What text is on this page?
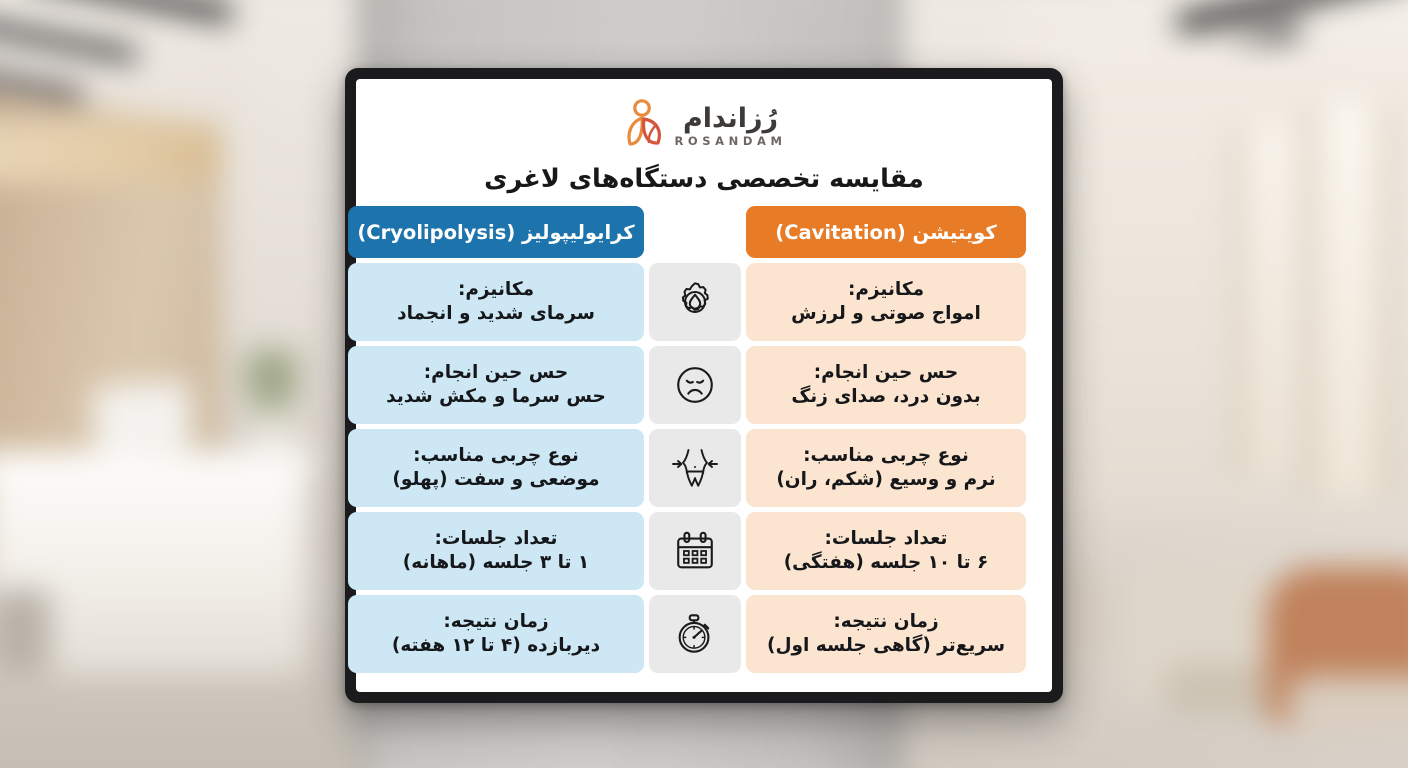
رُزاندام
ROSANDAM
مقایسه تخصصی دستگاه‌های لاغری
کویتیشن (Cavitation)
کرایولیپولیز (Cryolipolysis)
مکانیزم:
امواج صوتی و لرزش
مکانیزم:
سرمای شدید و انجماد
حس حین انجام:
بدون درد، صدای زنگ
حس حین انجام:
حس سرما و مکش شدید
نوع چربی مناسب:
نرم و وسیع (شکم، ران)
نوع چربی مناسب:
موضعی و سفت (پهلو)
تعداد جلسات:
۶ تا ۱۰ جلسه (هفتگی)
تعداد جلسات:
۱ تا ۳ جلسه (ماهانه)
زمان نتیجه:
سریع‌تر (گاهی جلسه اول)
زمان نتیجه:
دیربازده (۴ تا ۱۲ هفته)
